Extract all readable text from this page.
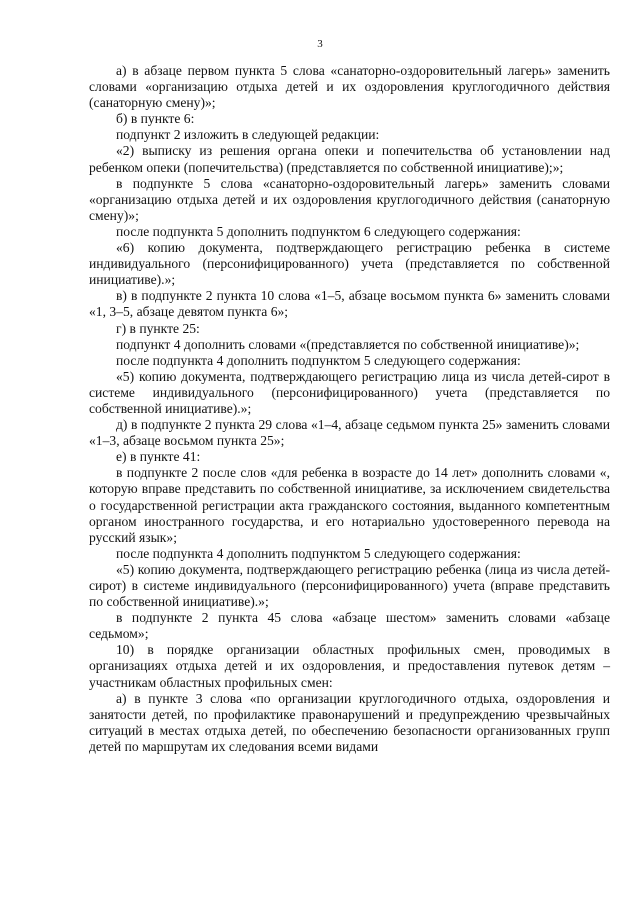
3

а) в абзаце первом пункта 5 слова «санаторно-оздоровительный лагерь» заменить словами «организацию отдыха детей и их оздоровления круглогодичного действия (санаторную смену)»;

б) в пункте 6:

подпункт 2 изложить в следующей редакции:

«2) выписку из решения органа опеки и попечительства об установлении над ребенком опеки (попечительства) (представляется по собственной инициативе);»;

в подпункте 5 слова «санаторно-оздоровительный лагерь» заменить словами «организацию отдыха детей и их оздоровления круглогодичного действия (санаторную смену)»;

после подпункта 5 дополнить подпунктом 6 следующего содержания:

«6) копию документа, подтверждающего регистрацию ребенка в системе индивидуального (персонифицированного) учета (представляется по собственной инициативе).»;

в) в подпункте 2 пункта 10 слова «1–5, абзаце восьмом пункта 6» заменить словами «1, 3–5, абзаце девятом пункта 6»;

г) в пункте 25:

подпункт 4 дополнить словами «(представляется по собственной инициативе)»;

после подпункта 4 дополнить подпунктом 5 следующего содержания:

«5) копию документа, подтверждающего регистрацию лица из числа детей-сирот в системе индивидуального (персонифицированного) учета (представляется по собственной инициативе).»;

д) в подпункте 2 пункта 29 слова «1–4, абзаце седьмом пункта 25» заменить словами «1–3, абзаце восьмом пункта 25»;

е) в пункте 41:

в подпункте 2 после слов «для ребенка в возрасте до 14 лет» дополнить словами «, которую вправе представить по собственной инициативе, за исключением свидетельства о государственной регистрации акта гражданского состояния, выданного компетентным органом иностранного государства, и его нотариально удостоверенного перевода на русский язык»;

после подпункта 4 дополнить подпунктом 5 следующего содержания:

«5) копию документа, подтверждающего регистрацию ребенка (лица из числа детей-сирот) в системе индивидуального (персонифицированного) учета (вправе представить по собственной инициативе).»;

в подпункте 2 пункта 45 слова «абзаце шестом» заменить словами «абзаце седьмом»;

10) в порядке организации областных профильных смен, проводимых в организациях отдыха детей и их оздоровления, и предоставления путевок детям – участникам областных профильных смен:

а) в пункте 3 слова «по организации круглогодичного отдыха, оздоровления и занятости детей, по профилактике правонарушений и предупреждению чрезвычайных ситуаций в местах отдыха детей, по обеспечению безопасности организованных групп детей по маршрутам их следования всеми видами
